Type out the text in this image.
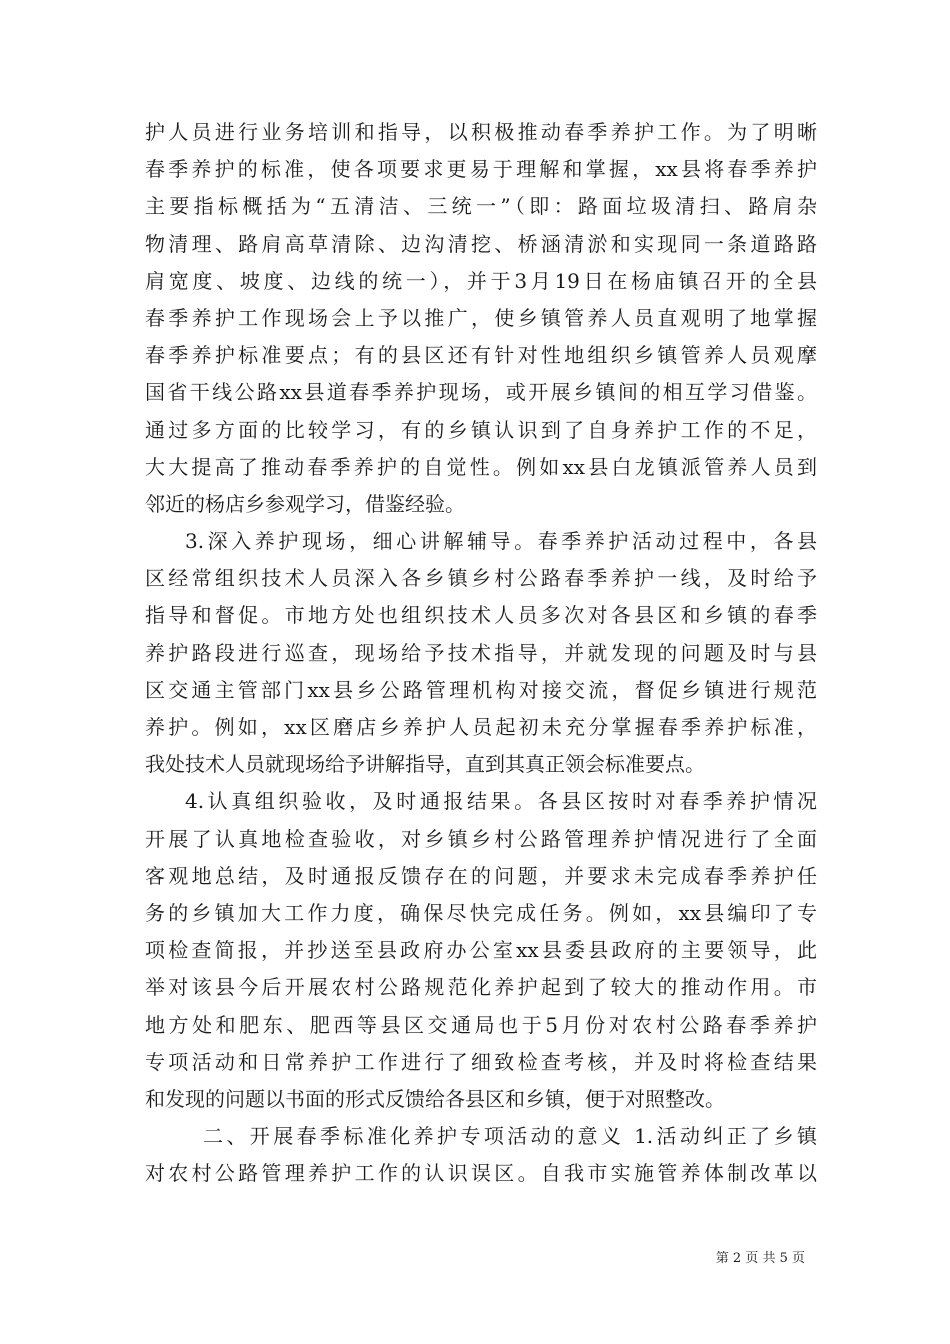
护人员进行业务培训和指导，以积极推动春季养护工作。为了明晰
春季养护的标准，使各项要求更易于理解和掌握，xx县将春季养护
主要指标概括为“五清洁、三统一”（即：路面垃圾清扫、路肩杂
物清理、路肩高草清除、边沟清挖、桥涵清淤和实现同一条道路路
肩宽度、坡度、边线的统一），并于3月19日在杨庙镇召开的全县
春季养护工作现场会上予以推广，使乡镇管养人员直观明了地掌握
春季养护标准要点；有的县区还有针对性地组织乡镇管养人员观摩
国省干线公路xx县道春季养护现场，或开展乡镇间的相互学习借鉴。
通过多方面的比较学习，有的乡镇认识到了自身养护工作的不足，
大大提高了推动春季养护的自觉性。例如xx县白龙镇派管养人员到
邻近的杨店乡参观学习，借鉴经验。
3.深入养护现场，细心讲解辅导。春季养护活动过程中，各县
区经常组织技术人员深入各乡镇乡村公路春季养护一线，及时给予
指导和督促。市地方处也组织技术人员多次对各县区和乡镇的春季
养护路段进行巡查，现场给予技术指导，并就发现的问题及时与县
区交通主管部门xx县乡公路管理机构对接交流，督促乡镇进行规范
养护。例如，xx区磨店乡养护人员起初未充分掌握春季养护标准，
我处技术人员就现场给予讲解指导，直到其真正领会标准要点。
4.认真组织验收，及时通报结果。各县区按时对春季养护情况
开展了认真地检查验收，对乡镇乡村公路管理养护情况进行了全面
客观地总结，及时通报反馈存在的问题，并要求未完成春季养护任
务的乡镇加大工作力度，确保尽快完成任务。例如，xx县编印了专
项检查简报，并抄送至县政府办公室xx县委县政府的主要领导，此
举对该县今后开展农村公路规范化养护起到了较大的推动作用。市
地方处和肥东、肥西等县区交通局也于5月份对农村公路春季养护
专项活动和日常养护工作进行了细致检查考核，并及时将检查结果
和发现的问题以书面的形式反馈给各县区和乡镇，便于对照整改。
二、开展春季标准化养护专项活动的意义 1.活动纠正了乡镇
对农村公路管理养护工作的认识误区。自我市实施管养体制改革以
第 2 页 共 5 页
